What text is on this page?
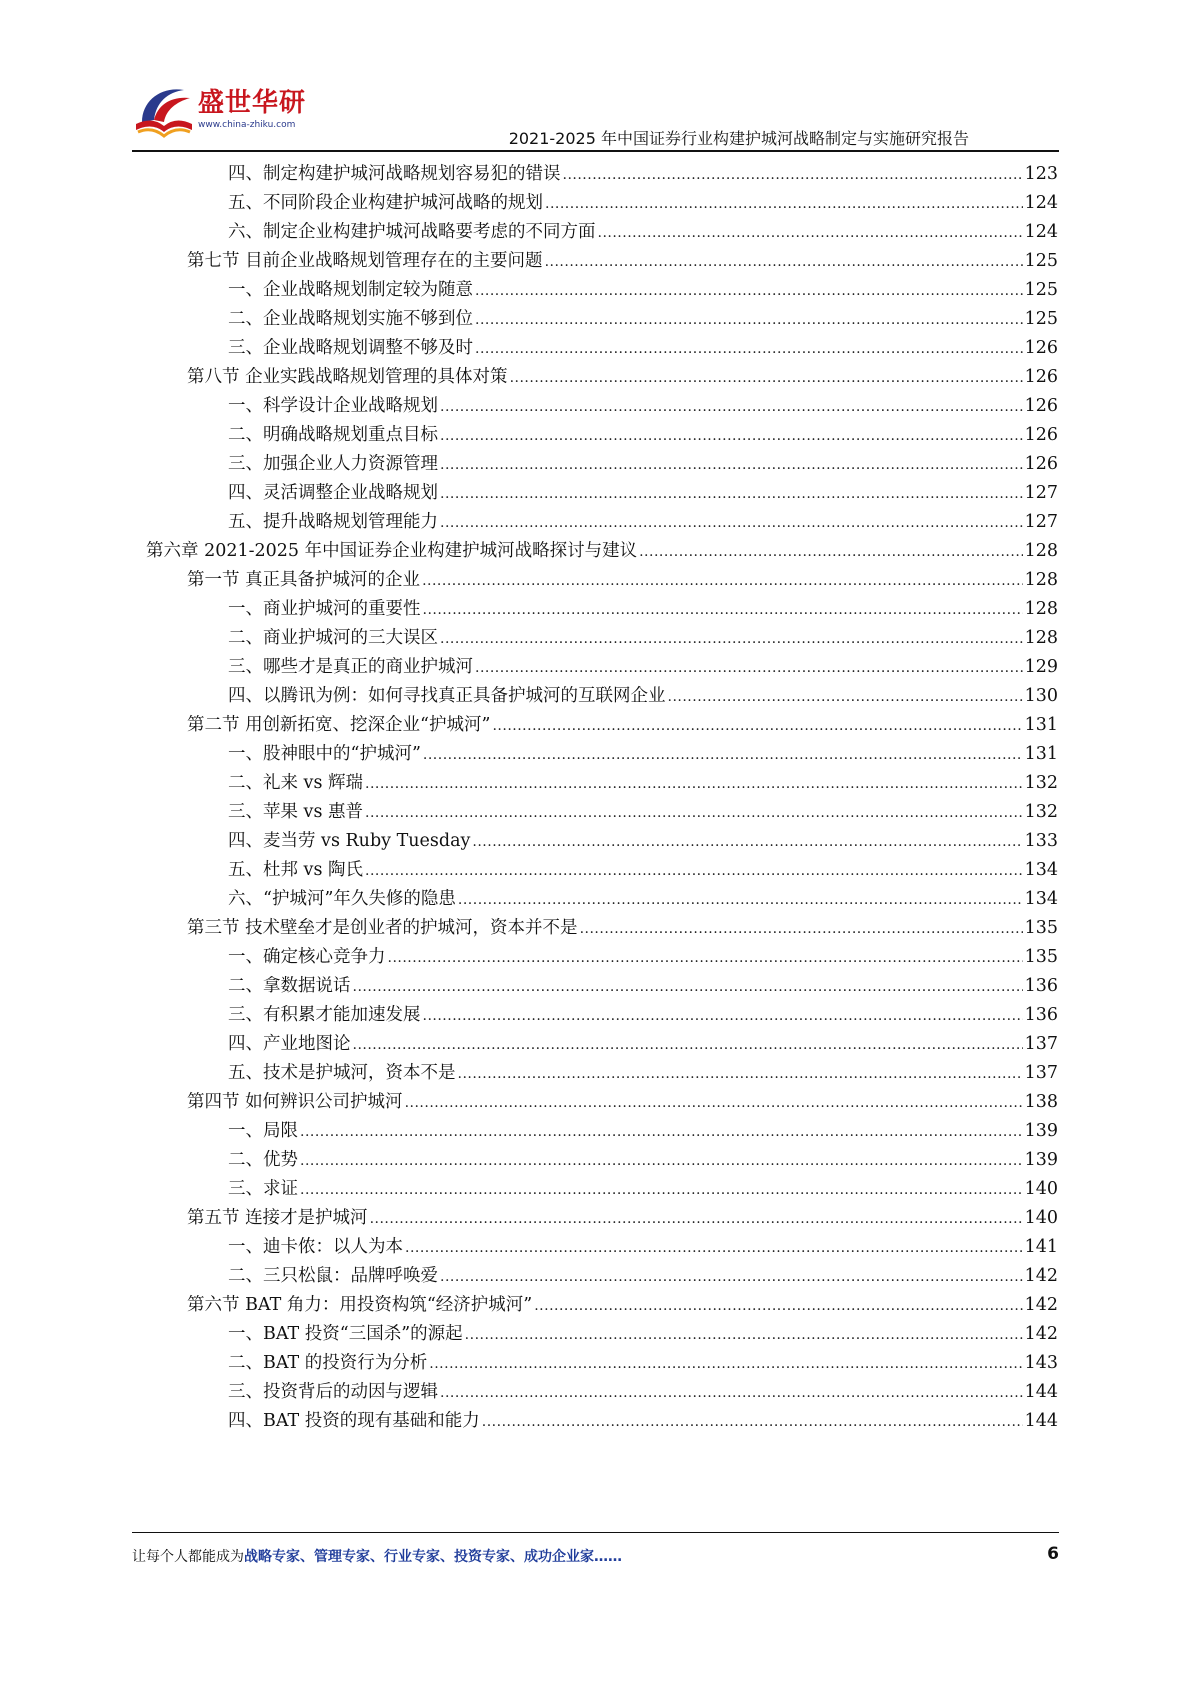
盛世华研
www.china-zhiku.com
2021-2025 年中国证券行业构建护城河战略制定与实施研究报告
四、制定构建护城河战略规划容易犯的错误 .....	123
五、不同阶段企业构建护城河战略的规划 .....	124
六、制定企业构建护城河战略要考虑的不同方面 .....	124
第七节 目前企业战略规划管理存在的主要问题 .....	125
一、企业战略规划制定较为随意 .....	125
二、企业战略规划实施不够到位 .....	125
三、企业战略规划调整不够及时 .....	126
第八节 企业实践战略规划管理的具体对策 .....	126
一、科学设计企业战略规划 .....	126
二、明确战略规划重点目标 .....	126
三、加强企业人力资源管理 .....	126
四、灵活调整企业战略规划 .....	127
五、提升战略规划管理能力 .....	127
第六章 2021-2025 年中国证券企业构建护城河战略探讨与建议 .....	128
第一节 真正具备护城河的企业 .....	128
一、商业护城河的重要性 .....	128
二、商业护城河的三大误区 .....	128
三、哪些才是真正的商业护城河 .....	129
四、以腾讯为例：如何寻找真正具备护城河的互联网企业 .....	130
第二节 用创新拓宽、挖深企业“护城河” .....	131
一、股神眼中的“护城河” .....	131
二、礼来 vs 辉瑞 .....	132
三、苹果 vs 惠普 .....	132
四、麦当劳 vs Ruby Tuesday .....	133
五、杜邦 vs 陶氏 .....	134
六、“护城河”年久失修的隐患 .....	134
第三节 技术壁垒才是创业者的护城河，资本并不是 .....	135
一、确定核心竞争力 .....	135
二、拿数据说话 .....	136
三、有积累才能加速发展 .....	136
四、产业地图论 .....	137
五、技术是护城河，资本不是 .....	137
第四节 如何辨识公司护城河 .....	138
一、局限 .....	139
二、优势 .....	139
三、求证 .....	140
第五节 连接才是护城河 .....	140
一、迪卡侬：以人为本 .....	141
二、三只松鼠：品牌呼唤爱 .....	142
第六节 BAT 角力：用投资构筑“经济护城河” .....	142
一、BAT 投资“三国杀”的源起 .....	142
二、BAT 的投资行为分析 .....	143
三、投资背后的动因与逻辑 .....	144
四、BAT 投资的现有基础和能力 .....	144
让每个人都能成为战略专家、管理专家、行业专家、投资专家、成功企业家……	6
